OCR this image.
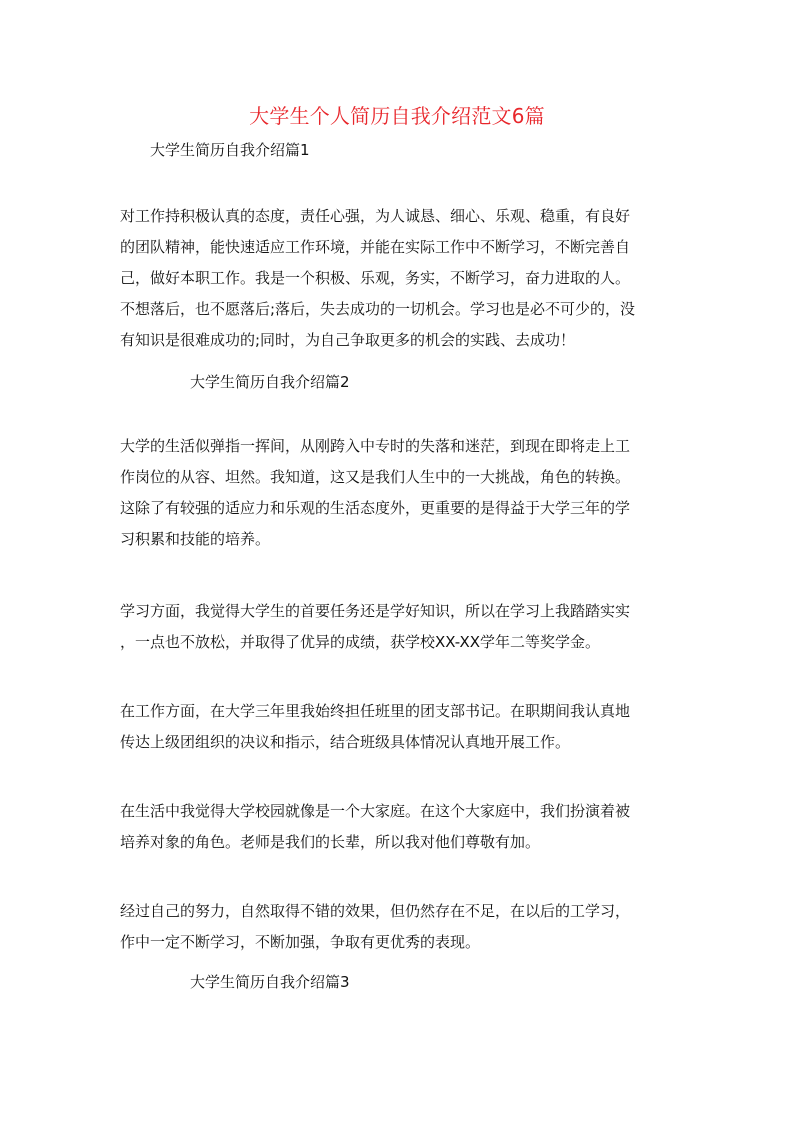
大学生个人简历自我介绍范文6篇
大学生简历自我介绍篇1
对工作持积极认真的态度，责任心强，为人诚恳、细心、乐观、稳重，有良好
的团队精神，能快速适应工作环境，并能在实际工作中不断学习，不断完善自
己，做好本职工作。我是一个积极、乐观，务实，不断学习，奋力进取的人。
不想落后，也不愿落后;落后，失去成功的一切机会。学习也是必不可少的，没
有知识是很难成功的;同时，为自己争取更多的机会的实践、去成功！
大学生简历自我介绍篇2
大学的生活似弹指一挥间，从刚跨入中专时的失落和迷茫，到现在即将走上工
作岗位的从容、坦然。我知道，这又是我们人生中的一大挑战，角色的转换。
这除了有较强的适应力和乐观的生活态度外，更重要的是得益于大学三年的学
习积累和技能的培养。
学习方面，我觉得大学生的首要任务还是学好知识，所以在学习上我踏踏实实
，一点也不放松，并取得了优异的成绩，获学校XX-XX学年二等奖学金。
在工作方面，在大学三年里我始终担任班里的团支部书记。在职期间我认真地
传达上级团组织的决议和指示，结合班级具体情况认真地开展工作。
在生活中我觉得大学校园就像是一个大家庭。在这个大家庭中，我们扮演着被
培养对象的角色。老师是我们的长辈，所以我对他们尊敬有加。
经过自己的努力，自然取得不错的效果，但仍然存在不足，在以后的工学习，
作中一定不断学习，不断加强，争取有更优秀的表现。
大学生简历自我介绍篇3
